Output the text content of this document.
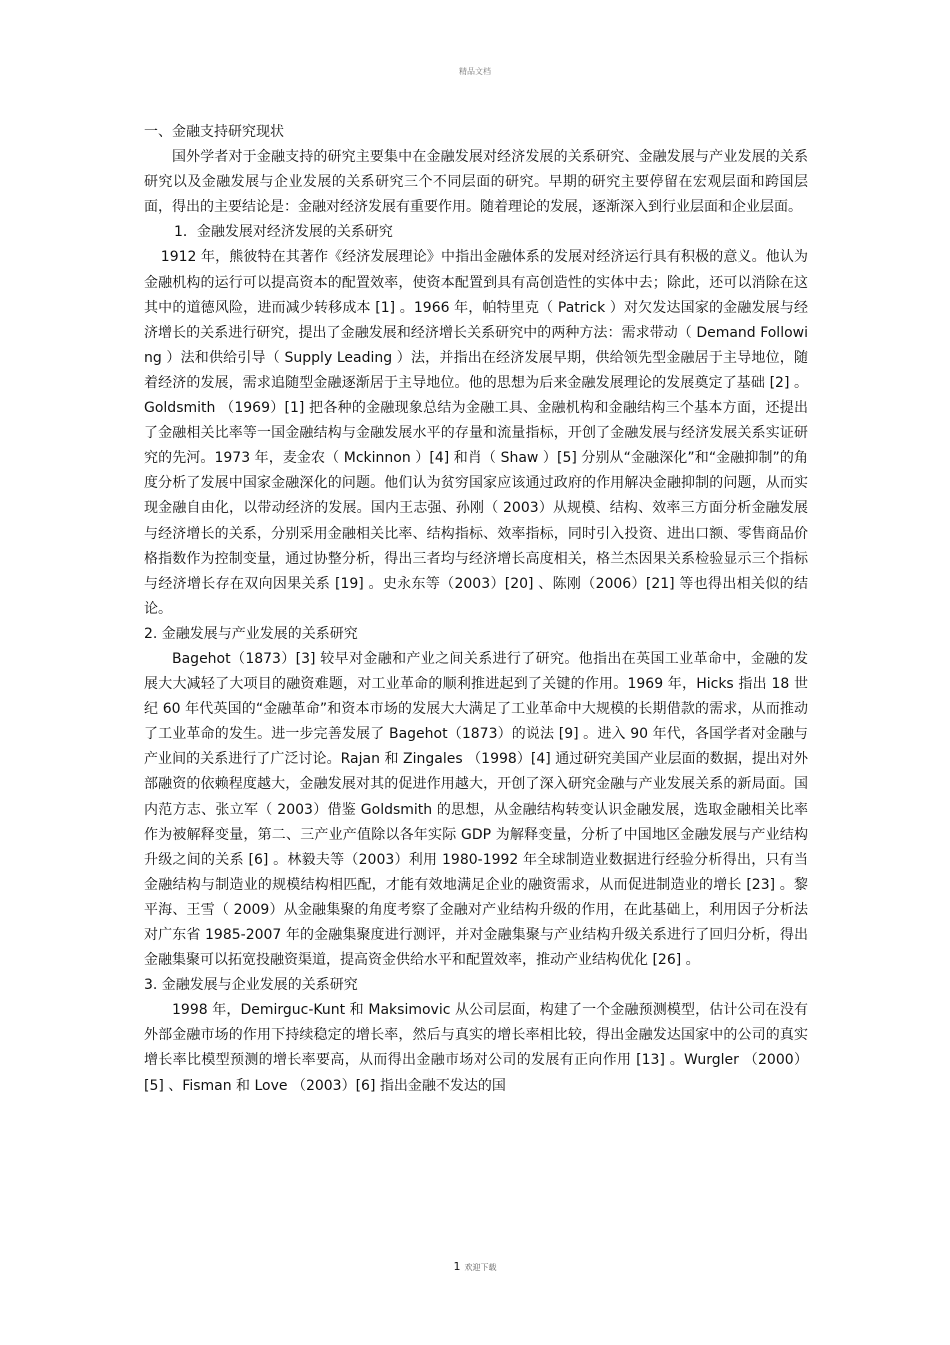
精品文档

一、金融支持研究现状

国外学者对于金融支持的研究主要集中在金融发展对经济发展的关系研究、金融发展与产业发展的关系研究以及金融发展与企业发展的关系研究三个不同层面的研究。早期的研究主要停留在宏观层面和跨国层面，得出的主要结论是：金融对经济发展有重要作用。随着理论的发展，逐渐深入到行业层面和企业层面。

1．金融发展对经济发展的关系研究

1912 年，熊彼特在其著作《经济发展理论》中指出金融体系的发展对经济运行具有积极的意义。他认为金融机构的运行可以提高资本的配置效率，使资本配置到具有高创造性的实体中去；除此，还可以消除在这其中的道德风险，进而减少转移成本 [1] 。1966 年，帕特里克（ Patrick ）对欠发达国家的金融发展与经济增长的关系进行研究，提出了金融发展和经济增长关系研究中的两种方法：需求带动（ Demand Following ）法和供给引导（ Supply Leading ）法，并指出在经济发展早期，供给领先型金融居于主导地位，随着经济的发展，需求追随型金融逐渐居于主导地位。他的思想为后来金融发展理论的发展奠定了基础 [2] 。Goldsmith （1969）[1] 把各种的金融现象总结为金融工具、金融机构和金融结构三个基本方面，还提出了金融相关比率等一国金融结构与金融发展水平的存量和流量指标，开创了金融发展与经济发展关系实证研究的先河。1973 年，麦金农（ Mckinnon ）[4] 和肖（ Shaw ）[5] 分别从“金融深化”和“金融抑制”的角度分析了发展中国家金融深化的问题。他们认为贫穷国家应该通过政府的作用解决金融抑制的问题，从而实现金融自由化，以带动经济的发展。国内王志强、孙刚（ 2003）从规模、结构、效率三方面分析金融发展与经济增长的关系，分别采用金融相关比率、结构指标、效率指标，同时引入投资、进出口额、零售商品价格指数作为控制变量，通过协整分析，得出三者均与经济增长高度相关，格兰杰因果关系检验显示三个指标与经济增长存在双向因果关系 [19] 。史永东等（2003）[20] 、陈刚（2006）[21] 等也得出相关似的结论。

2. 金融发展与产业发展的关系研究

Bagehot（1873）[3] 较早对金融和产业之间关系进行了研究。他指出在英国工业革命中，金融的发展大大减轻了大项目的融资难题，对工业革命的顺利推进起到了关键的作用。1969 年，Hicks 指出 18 世纪 60 年代英国的“金融革命”和资本市场的发展大大满足了工业革命中大规模的长期借款的需求，从而推动了工业革命的发生。进一步完善发展了 Bagehot（1873）的说法 [9] 。进入 90 年代，各国学者对金融与产业间的关系进行了广泛讨论。Rajan 和 Zingales （1998）[4] 通过研究美国产业层面的数据，提出对外部融资的依赖程度越大，金融发展对其的促进作用越大，开创了深入研究金融与产业发展关系的新局面。国内范方志、张立军（ 2003）借鉴 Goldsmith 的思想，从金融结构转变认识金融发展，选取金融相关比率作为被解释变量，第二、三产业产值除以各年实际 GDP 为解释变量，分析了中国地区金融发展与产业结构升级之间的关系 [6] 。林毅夫等（2003）利用 1980-1992 年全球制造业数据进行经验分析得出，只有当金融结构与制造业的规模结构相匹配，才能有效地满足企业的融资需求，从而促进制造业的增长 [23] 。黎平海、王雪（ 2009）从金融集聚的角度考察了金融对产业结构升级的作用，在此基础上，利用因子分析法对广东省 1985-2007 年的金融集聚度进行测评，并对金融集聚与产业结构升级关系进行了回归分析，得出金融集聚可以拓宽投融资渠道，提高资金供给水平和配置效率，推动产业结构优化 [26] 。

3. 金融发展与企业发展的关系研究

1998 年，Demirguc-Kunt 和 Maksimovic 从公司层面，构建了一个金融预测模型，估计公司在没有外部金融市场的作用下持续稳定的增长率，然后与真实的增长率相比较，得出金融发达国家中的公司的真实增长率比模型预测的增长率要高，从而得出金融市场对公司的发展有正向作用 [13] 。Wurgler （2000）[5] 、Fisman 和 Love （2003）[6] 指出金融不发达的国

1 欢迎下载
